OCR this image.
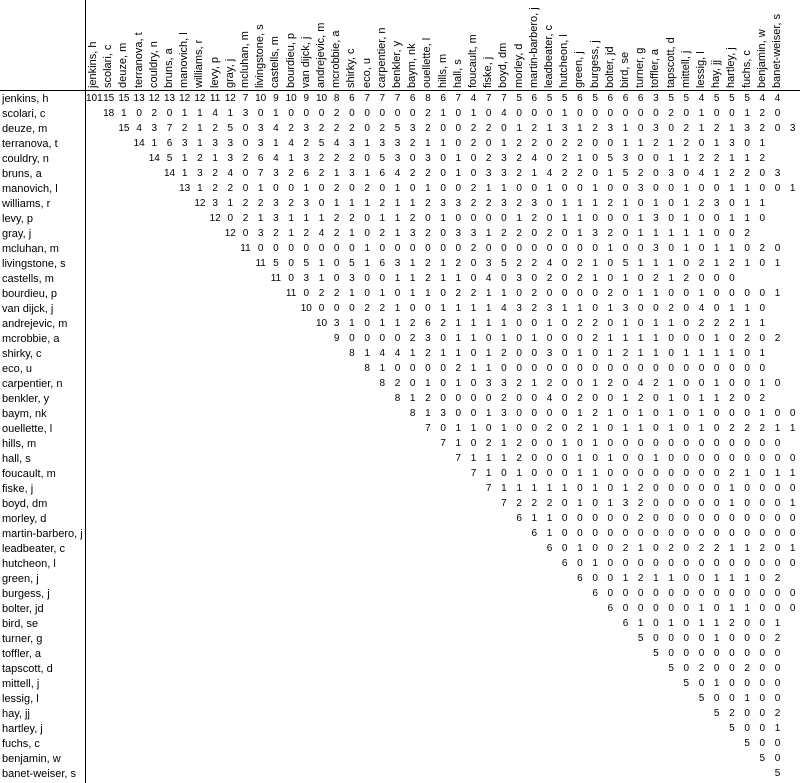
jenkins, h scolari, c deuze, m terranova, t couldry, n bruns, a manovich, l williams, r levy, p gray, j mcluhan, m livingstone, s castells, m bourdieu, p van dijck, j andrejevic, m mcrobbie, a shirky, c eco, u carpentier, n benkler, y baym, nk ouellette, l hills, m hall, s foucault, m fiske, j boyd, dm morley, d martin-barbero, j leadbeater, c hutcheon, l green, j burgess, j bolter, jd bird, se turner, g toffler, a tapscott, d mittell, j lessig, l hay, jj hartley, j fuchs, c benjamin, w banet-weiser, s
jenkins, h
scolari, c
deuze, m
terranova, t
couldry, n
bruns, a
manovich, l
williams, r
levy, p
gray, j
mcluhan, m
livingstone, s
castells, m
bourdieu, p
van dijck, j
andrejevic, m
mcrobbie, a
shirky, c
eco, u
carpentier, n
benkler, y
baym, nk
ouellette, l
hills, m
hall, s
foucault, m
fiske, j
boyd, dm
morley, d
martin-barbero, j
leadbeater, c
hutcheon, l
green, j
burgess, j
bolter, jd
bird, se
turner, g
toffler, a
tapscott, d
mittell, j
lessig, l
hay, jj
hartley, j
fuchs, c
benjamin, w
banet-weiser, s
101 15 15 13 12 13 12 12 11 12 7 10 9 10 9 10 8 6 7 7 7 6 8 6 7 4 7 7 5 6 5 5 6 5 6 6 6 3 5 5 4 5 5 5 4 4
18 1 0 2 0 1 1 4 1 3 0 1 0 0 0 2 0 0 0 0 0 2 1 0 1 0 4 0 0 0 1 0 0 0 0 0 0 2 0 1 0 0 1 2 0
15 4 3 7 2 1 2 5 0 3 4 2 3 2 2 2 0 2 5 3 2 0 0 2 2 0 1 2 1 3 1 2 3 1 0 3 0 2 1 2 1 3 2 0 3
14 1 6 3 1 3 3 0 3 1 4 2 5 4 3 1 3 3 2 1 1 0 2 0 1 2 2 0 2 2 0 0 1 1 2 1 2 0 1 3 0 1
14 5 1 2 1 3 2 6 4 1 3 2 2 2 0 5 3 0 3 0 1 0 2 3 2 4 0 2 1 0 5 3 0 0 1 1 2 2 1 1 2
14 1 3 2 4 0 7 3 2 6 2 1 3 1 6 4 2 2 0 1 0 3 3 2 1 4 2 2 0 1 5 2 0 3 0 4 1 2 2 0 3
13 1 2 2 0 1 0 0 1 0 2 0 2 0 1 0 1 0 0 2 1 1 0 0 1 0 0 1 0 0 3 0 0 1 0 0 1 1 0 0 1
12 3 1 2 2 3 2 3 0 1 1 1 2 1 1 2 3 3 2 2 3 2 3 0 1 1 1 2 1 0 1 0 1 2 3 0 1 1
12 0 2 1 3 1 1 1 2 2 0 1 1 2 0 1 0 0 0 0 1 2 0 1 1 0 0 0 1 3 0 1 0 0 1 1 0
12 0 3 2 1 2 4 2 1 0 2 1 3 2 0 3 3 1 2 2 0 2 0 1 3 2 0 1 1 1 1 1 0 0 2
11 0 0 0 0 0 0 0 1 0 0 0 0 0 0 2 0 0 0 0 0 0 0 0 1 0 0 3 0 1 0 1 1 0 2 0
11 5 0 5 1 0 5 1 6 3 1 2 1 2 0 3 5 2 2 4 0 2 1 0 5 1 1 1 0 2 1 2 1 0 1
11 0 3 1 0 3 0 0 1 1 2 1 1 0 4 0 3 0 2 0 2 1 0 1 0 2 1 2 0 0 0
11 0 2 2 1 0 1 0 1 1 0 2 2 1 1 0 2 0 0 0 0 2 0 1 1 0 0 1 0 0 0 0 1
10 0 0 0 2 2 1 0 0 1 1 1 1 4 3 2 3 1 1 0 1 3 0 0 2 0 4 0 1 1 0
10 3 1 0 1 1 2 6 2 1 1 1 1 0 0 1 0 2 2 0 1 0 1 1 0 2 2 2 1 1
9 0 0 0 0 2 3 0 1 1 0 1 0 1 0 0 0 2 1 1 1 1 0 0 0 1 0 2 0 2
8 1 4 4 1 2 1 1 0 1 2 0 0 3 0 1 0 1 2 1 1 0 1 1 1 1 0 1
8 1 0 0 0 0 2 1 1 0 0 0 0 0 0 0 0 0 0 0 0 0 0 0 0 0 0
8 2 0 1 0 1 0 3 3 2 1 2 0 0 1 2 0 4 2 1 0 0 1 0 0 1 0
8 1 2 0 0 0 0 2 0 0 4 0 2 0 0 1 2 0 1 0 1 1 2 0 2
8 1 3 0 0 1 3 0 0 0 0 1 2 1 0 1 0 1 0 1 0 0 0 1 0 0
7 0 1 1 0 1 0 0 2 0 2 1 0 1 1 0 1 0 1 0 2 2 2 1 1
7 1 0 2 1 2 0 0 1 0 1 0 0 0 0 0 0 0 0 0 0 0 0
7 1 1 1 2 0 0 0 1 0 1 0 0 1 0 0 0 0 0 0 0 0 0
7 1 0 1 0 0 0 1 1 0 0 0 0 0 0 0 0 2 1 0 1 1
7 1 1 1 1 1 0 1 0 1 2 0 0 0 0 0 1 0 0 0 0
7 2 2 2 0 1 0 1 3 2 0 0 0 0 0 1 0 0 0 1
6 1 1 0 0 0 0 0 2 0 0 0 0 0 0 0 0 0 0
6 1 0 0 0 0 0 0 0 0 0 0 0 0 0 0 0 0
6 0 1 0 0 2 1 0 2 0 2 2 1 1 2 0 1
6 0 1 0 0 0 0 0 0 0 0 0 0 0 0 0
6 0 0 1 2 1 1 0 0 1 1 1 0 2
6 0 0 0 0 0 0 0 0 0 0 0 0 0
6 0 0 0 0 0 1 0 1 1 0 0 0
6 1 0 1 0 1 1 2 0 0 1
5 0 0 0 0 1 0 0 0 2
5 0 0 0 0 0 0 0 0
5 0 2 0 0 2 0 0
5 0 1 0 0 0 0
5 0 0 1 0 0
5 2 0 0 2
5 0 0 1
5 0 0
5 0
5
